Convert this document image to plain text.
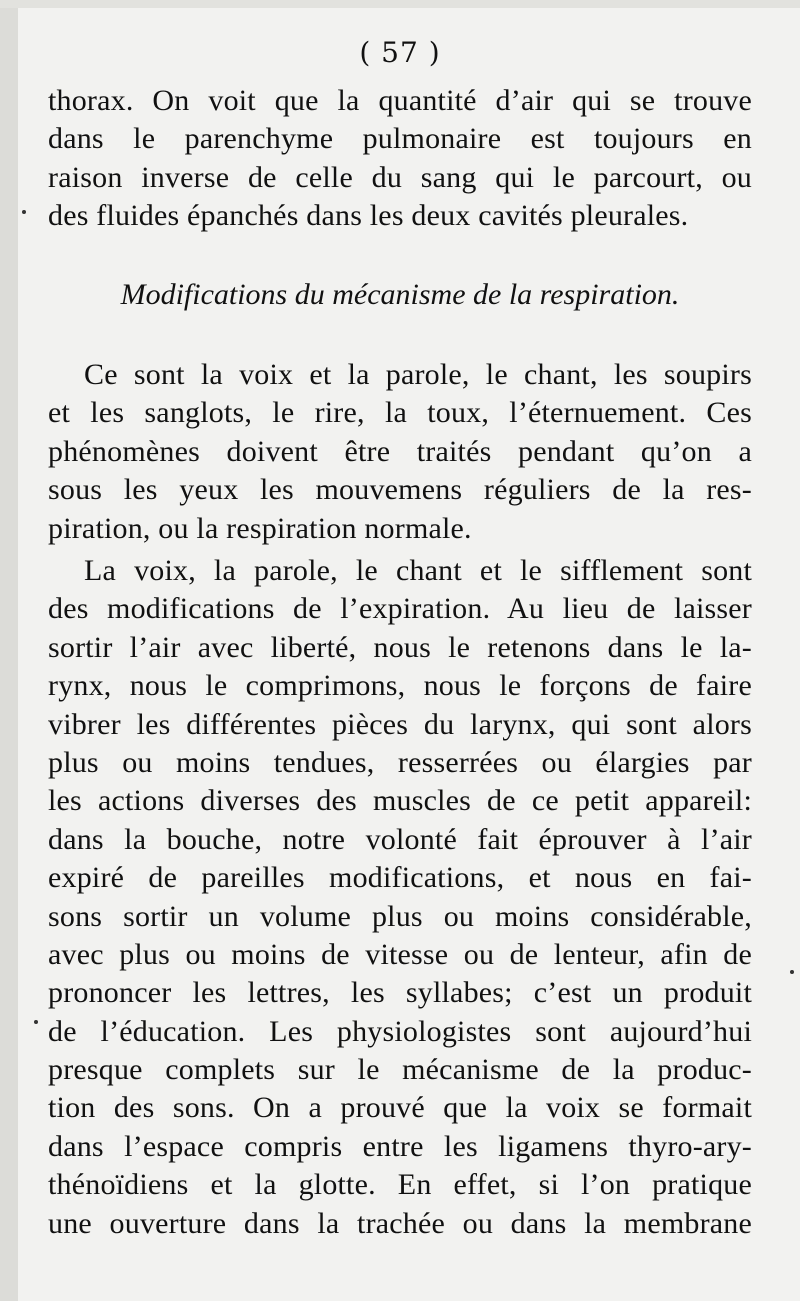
( 57 )
thorax. On voit que la quantité d’air qui se trouve
dans le parenchyme pulmonaire est toujours en
raison inverse de celle du sang qui le parcourt, ou
des fluides épanchés dans les deux cavités pleurales.
Modifications du mécanisme de la respiration.
Ce sont la voix et la parole, le chant, les soupirs
et les sanglots, le rire, la toux, l’éternuement. Ces
phénomènes doivent être traités pendant qu’on a
sous les yeux les mouvemens réguliers de la res-
piration, ou la respiration normale.
La voix, la parole, le chant et le sifflement sont
des modifications de l’expiration. Au lieu de laisser
sortir l’air avec liberté, nous le retenons dans le la-
rynx, nous le comprimons, nous le forçons de faire
vibrer les différentes pièces du larynx, qui sont alors
plus ou moins tendues, resserrées ou élargies par
les actions diverses des muscles de ce petit appareil:
dans la bouche, notre volonté fait éprouver à l’air
expiré de pareilles modifications, et nous en fai-
sons sortir un volume plus ou moins considérable,
avec plus ou moins de vitesse ou de lenteur, afin de
prononcer les lettres, les syllabes; c’est un produit
de l’éducation. Les physiologistes sont aujourd’hui
presque complets sur le mécanisme de la produc-
tion des sons. On a prouvé que la voix se formait
dans l’espace compris entre les ligamens thyro-ary-
thénoïdiens et la glotte. En effet, si l’on pratique
une ouverture dans la trachée ou dans la membrane
